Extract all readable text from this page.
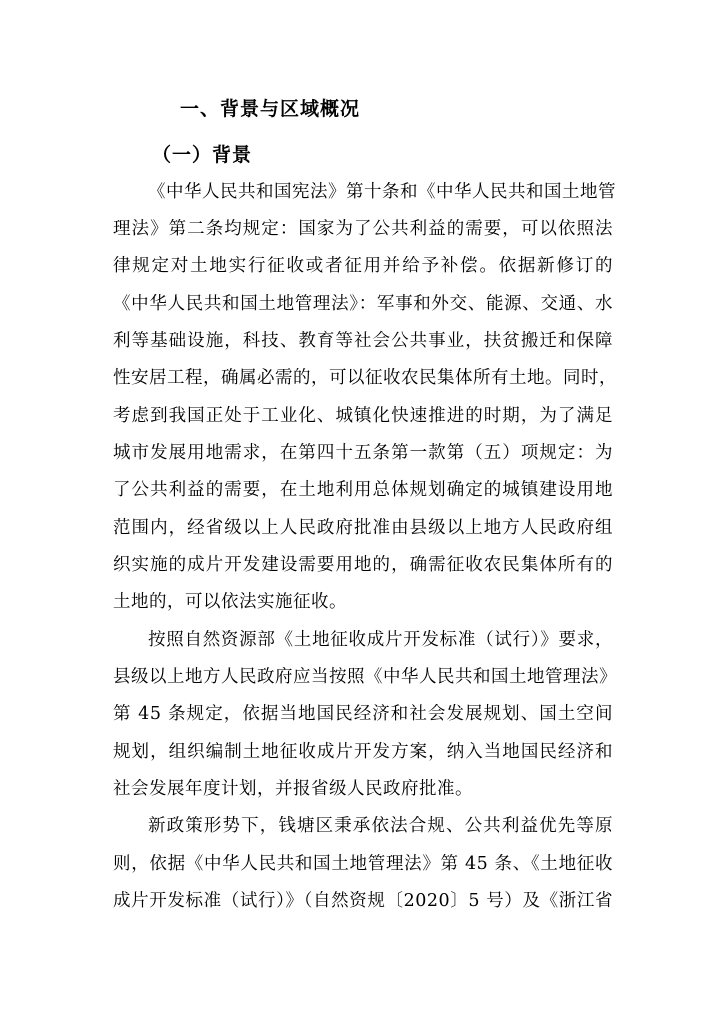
一、背景与区域概况
（一）背景
《中华人民共和国宪法》第十条和《中华人民共和国土地管
理法》第二条均规定：国家为了公共利益的需要，可以依照法
律规定对土地实行征收或者征用并给予补偿。依据新修订的
《中华人民共和国土地管理法》：军事和外交、能源、交通、水
利等基础设施，科技、教育等社会公共事业，扶贫搬迁和保障
性安居工程，确属必需的，可以征收农民集体所有土地。同时，
考虑到我国正处于工业化、城镇化快速推进的时期，为了满足
城市发展用地需求，在第四十五条第一款第（五）项规定：为
了公共利益的需要，在土地利用总体规划确定的城镇建设用地
范围内，经省级以上人民政府批准由县级以上地方人民政府组
织实施的成片开发建设需要用地的，确需征收农民集体所有的
土地的，可以依法实施征收。
按照自然资源部《土地征收成片开发标准（试行）》要求，
县级以上地方人民政府应当按照《中华人民共和国土地管理法》
第 45 条规定，依据当地国民经济和社会发展规划、国土空间
规划，组织编制土地征收成片开发方案，纳入当地国民经济和
社会发展年度计划，并报省级人民政府批准。
新政策形势下，钱塘区秉承依法合规、公共利益优先等原
则，依据《中华人民共和国土地管理法》第 45 条、《土地征收
成片开发标准（试行）》（自然资规〔2020〕5 号）及《浙江省
